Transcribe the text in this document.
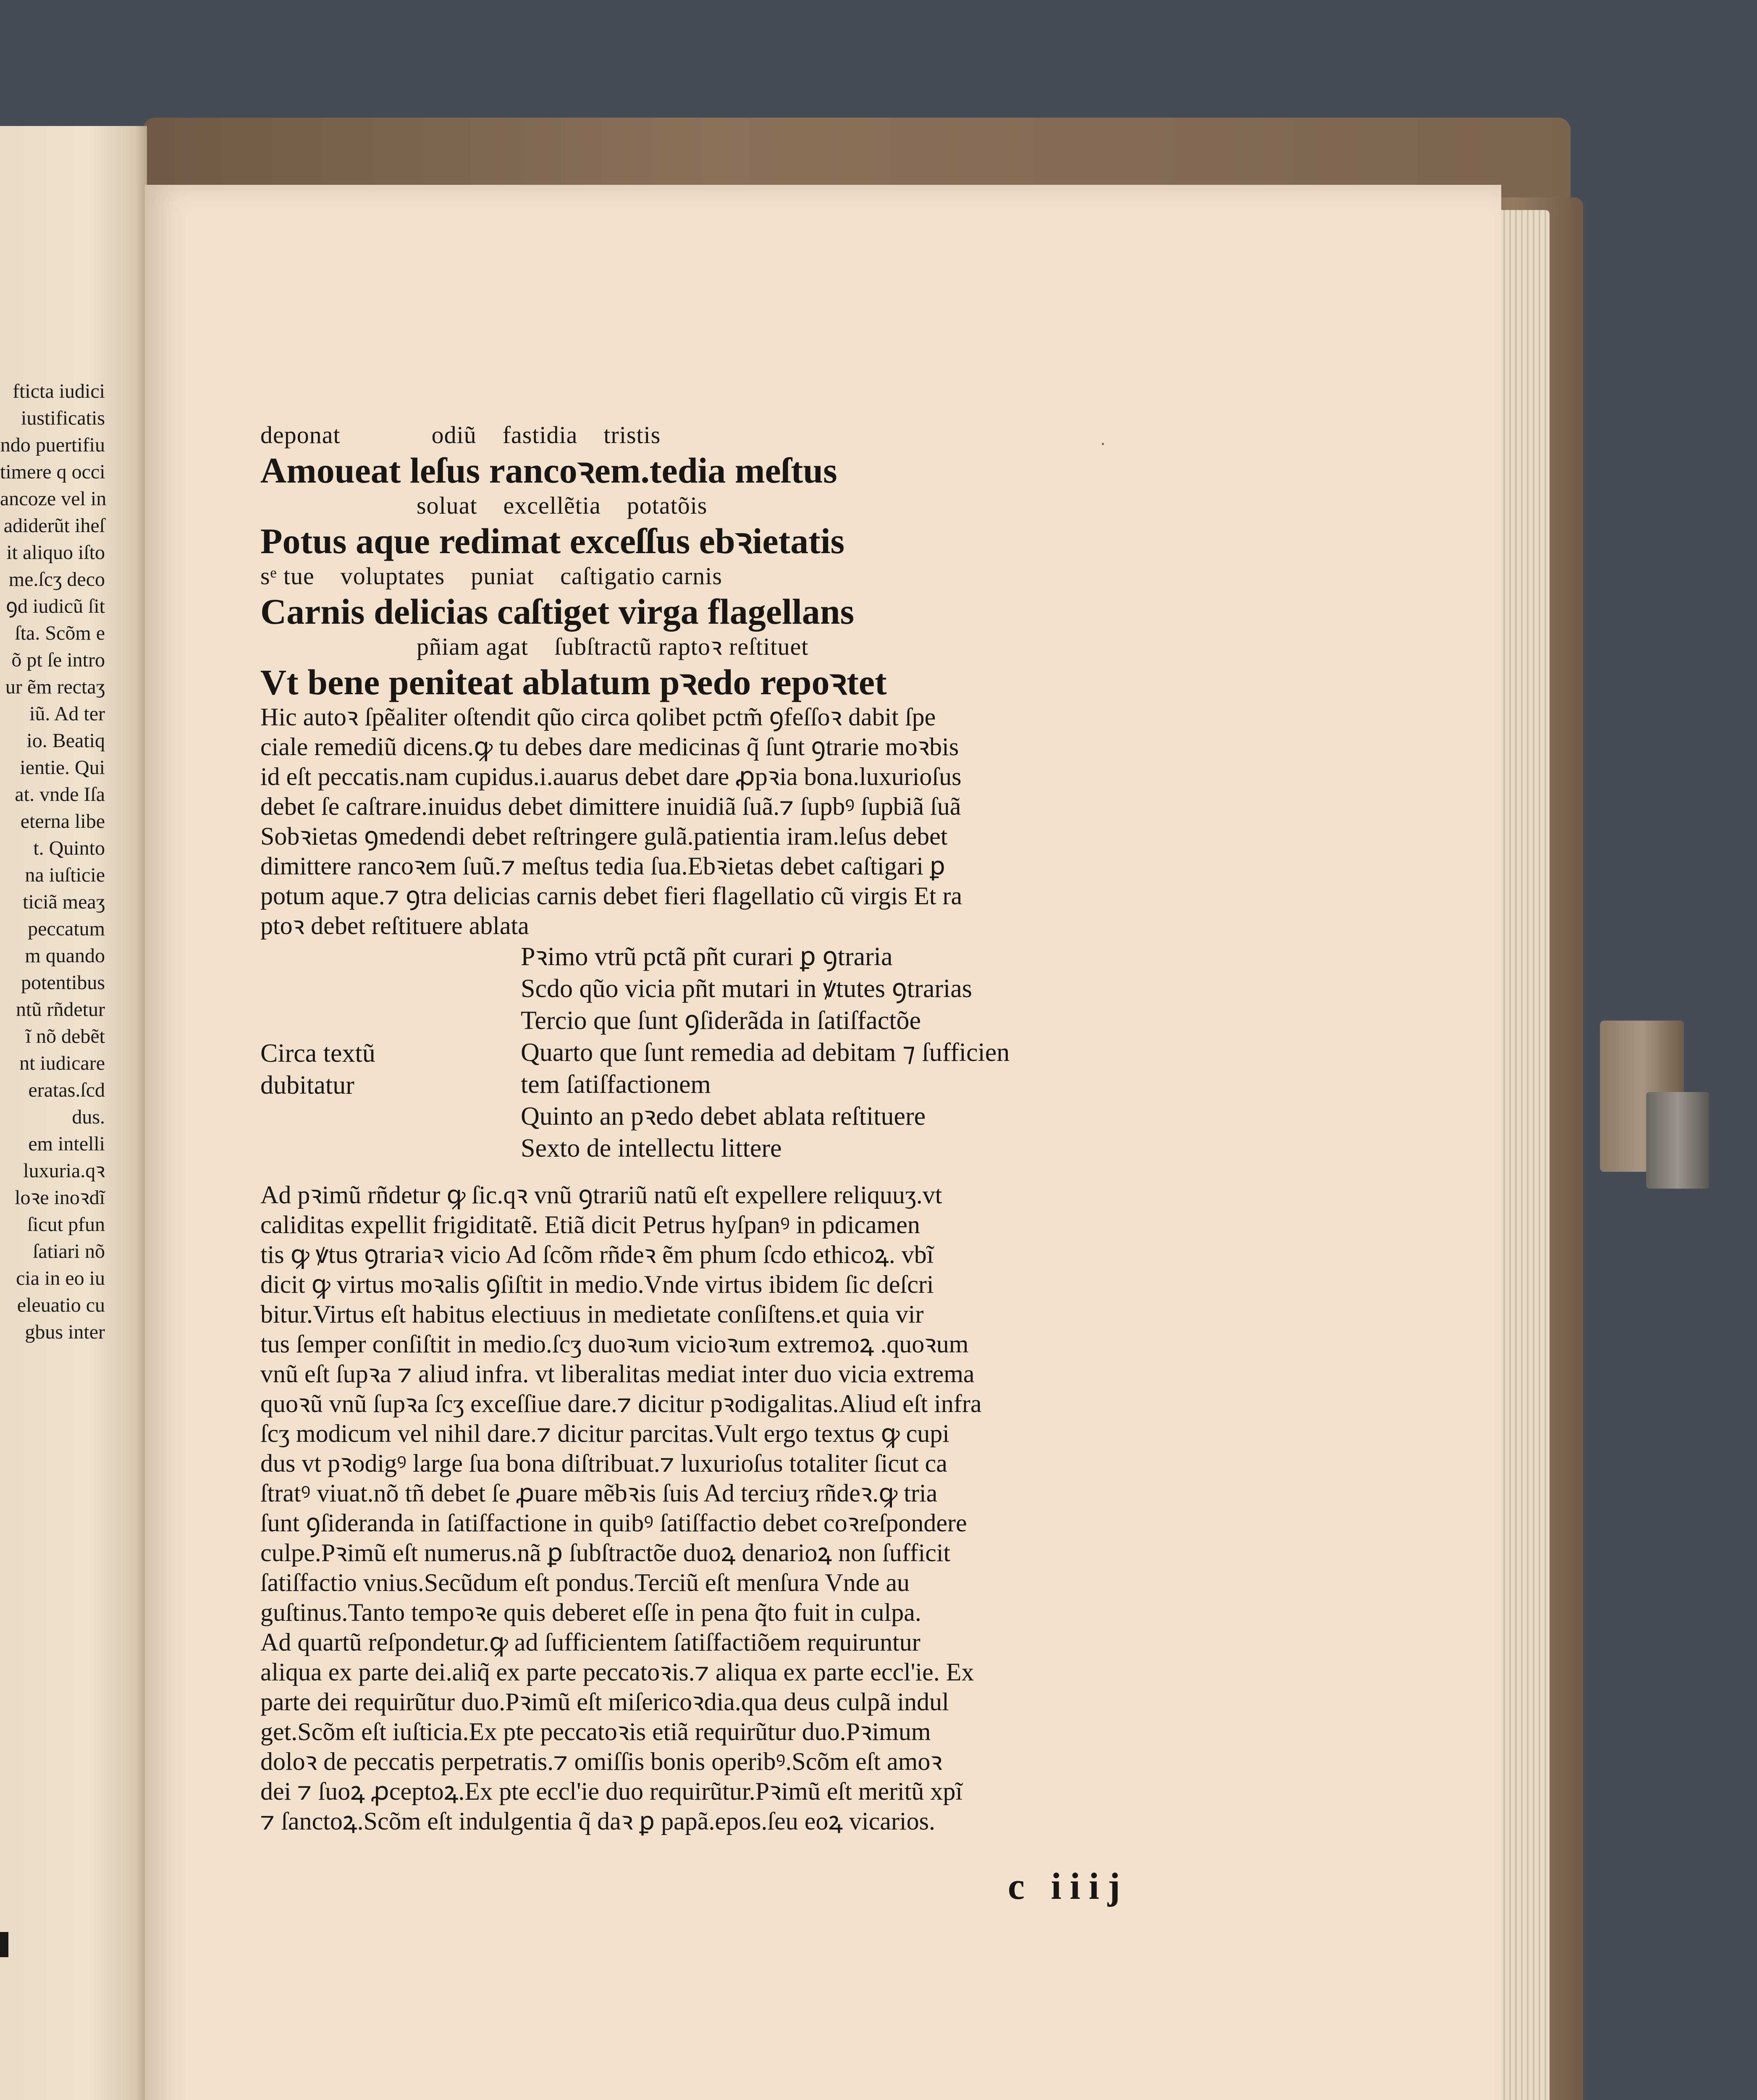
fticta iudici
iustificatis
ndo puertifiu
timere q occi
ancoze vel in
adiderũt iheſ
it aliquo iſto
me.ſcʒ deco
ꝯd iudicũ ſit
ſta. Scõm e
õ pt ſe intro
ur ẽm rectaʒ
iũ. Ad ter
io. Beatiq
ientie. Qui
at. vnde Iſa
eterna libe
t. Quinto
na iuſticie
ticiã meaʒ
peccatum
m quando
potentibus
ntũ rñdetur
ĩ nõ debẽt
nt iudicare
eratas.ſcd
dus.
em intelli
luxuria.qꝛ
loꝛe inoꝛdĩ
ſicut pfun
ſatiari nõ
cia in eo iu
eleuatio cu
gbus inter
·
deponat              odiũ    fastidia    tristis
Amoueat leſus rancoꝛem.tedia meſtus
soluat    excellẽtia    potatõis
Potus aque redimat exceſſus ebꝛietatis
sᵉ tue    voluptates    puniat    caſtigatio carnis
Carnis delicias caſtiget virga flagellans
pñiam agat    ſubſtractũ raptoꝛ reſtituet
Vt bene peniteat ablatum pꝛedo repoꝛtet
Hic autoꝛ ſpẽaliter oſtendit qũo circa qolibet pctm̃ ꝯfeſſoꝛ dabit ſpe
ciale remediũ dicens.ꝙ tu debes dare medicinas q̃ ſunt ꝯtrarie moꝛbis
id eſt peccatis.nam cupidus.i.auarus debet dare ꝓpꝛia bona.luxurioſus
debet ſe caſtrare.inuidus debet dimittere inuidiã ſuã.⁊ ſupbꝰ ſupbiã ſuã
Sobꝛietas ꝯmedendi debet reſtringere gulã.patientia iram.leſus debet
dimittere rancoꝛem ſuũ.⁊ meſtus tedia ſua.Ebꝛietas debet caſtigari ꝑ
potum aque.⁊ ꝯtra delicias carnis debet fieri flagellatio cũ virgis Et ra
ptoꝛ debet reſtituere ablata
Circa textũ
dubitatur
Pꝛimo vtrũ pctã pñt curari ꝑ ꝯtraria
Scdo qũo vicia pñt mutari in ꝟtutes ꝯtrarias
Tercio que ſunt ꝯſiderãda in ſatiſfactõe
Quarto que ſunt remedia ad debitam ⁊ ſufficien
tem ſatiſfactionem
Quinto an pꝛedo debet ablata reſtituere
Sexto de intellectu littere
Ad pꝛimũ rñdetur ꝙ ſic.qꝛ vnũ ꝯtrariũ natũ eſt expellere reliquuʒ.vt
caliditas expellit frigiditatẽ. Etiã dicit Petrus hyſpanꝰ in pdicamen
tis ꝙ ꝟtus ꝯtrariaꝛ vicio Ad ſcõm rñdeꝛ ẽm phum ſcdo ethicoꝝ. vbĩ
dicit ꝙ virtus moꝛalis ꝯſiſtit in medio.Vnde virtus ibidem ſic deſcri
bitur.Virtus eſt habitus electiuus in medietate conſiſtens.et quia vir
tus ſemper conſiſtit in medio.ſcʒ duoꝛum vicioꝛum extremoꝝ .quoꝛum
vnũ eſt ſupꝛa ⁊ aliud infra. vt liberalitas mediat inter duo vicia extrema
quoꝛũ vnũ ſupꝛa ſcʒ exceſſiue dare.⁊ dicitur pꝛodigalitas.Aliud eſt infra
ſcʒ modicum vel nihil dare.⁊ dicitur parcitas.Vult ergo textus ꝙ cupi
dus vt pꝛodigꝰ large ſua bona diſtribuat.⁊ luxurioſus totaliter ſicut ca
ſtratꝰ viuat.nõ tñ debet ſe ꝓuare mẽbꝛis ſuis Ad terciuʒ rñdeꝛ.ꝙ tria
ſunt ꝯſideranda in ſatiſfactione in quibꝰ ſatiſfactio debet coꝛreſpondere
culpe.Pꝛimũ eſt numerus.nã ꝑ ſubſtractõe duoꝝ denarioꝝ non ſufficit
ſatiſfactio vnius.Secũdum eſt pondus.Terciũ eſt menſura Vnde au
guſtinus.Tanto tempoꝛe quis deberet eſſe in pena q̃to fuit in culpa.
Ad quartũ reſpondetur.ꝙ ad ſufficientem ſatiſfactiõem requiruntur
aliqua ex parte dei.aliq̃ ex parte peccatoꝛis.⁊ aliqua ex parte eccl'ie. Ex
parte dei requirũtur duo.Pꝛimũ eſt miſericoꝛdia.qua deus culpã indul
get.Scõm eſt iuſticia.Ex pte peccatoꝛis etiã requirũtur duo.Pꝛimum
doloꝛ de peccatis perpetratis.⁊ omiſſis bonis operibꝰ.Scõm eſt amoꝛ
dei ⁊ ſuoꝝ ꝓceptoꝝ.Ex pte eccl'ie duo requirũtur.Pꝛimũ eſt meritũ xpĩ
⁊ ſanctoꝝ.Scõm eſt indulgentia q̃ daꝛ ꝑ papã.epos.ſeu eoꝝ vicarios.
c iiij
